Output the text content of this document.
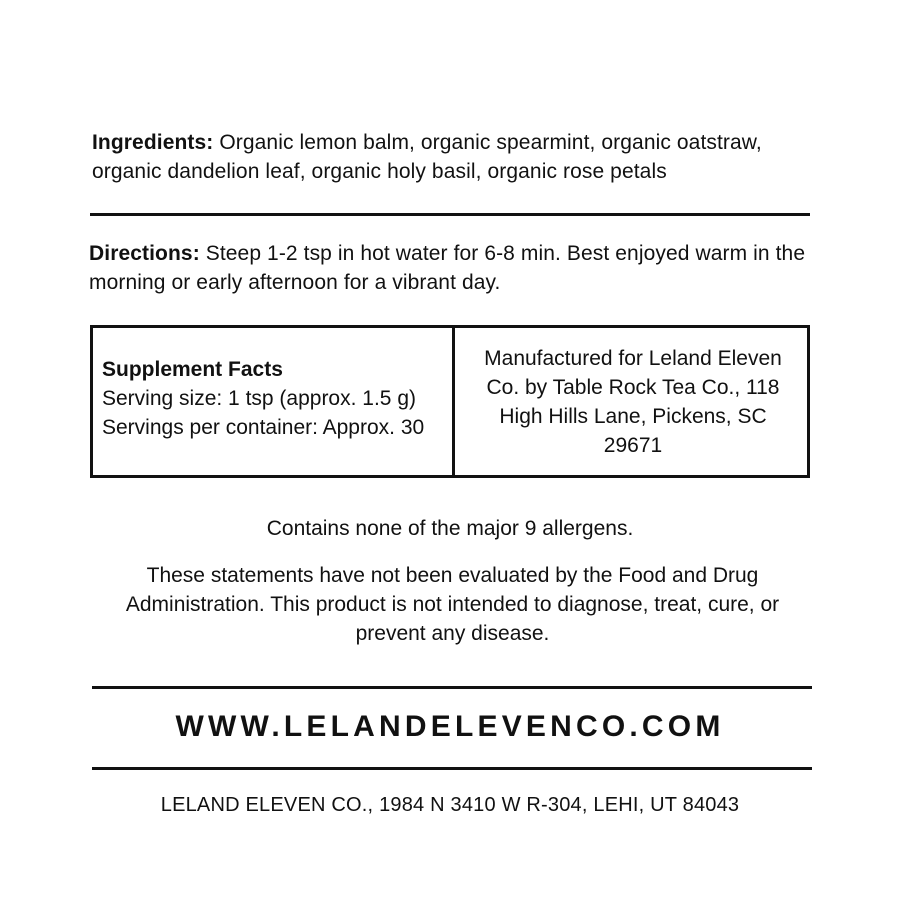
Ingredients: Organic lemon balm, organic spearmint, organic oatstraw, organic dandelion leaf, organic holy basil, organic rose petals
Directions: Steep 1-2 tsp in hot water for 6-8 min. Best enjoyed warm in the morning or early afternoon for a vibrant day.
Supplement Facts
Serving size: 1 tsp (approx. 1.5 g)
Servings per container: Approx. 30
Manufactured for Leland Eleven Co. by Table Rock Tea Co., 118 High Hills Lane, Pickens, SC 29671
Contains none of the major 9 allergens.
These statements have not been evaluated by the Food and Drug Administration. This product is not intended to diagnose, treat, cure, or prevent any disease.
WWW.LELANDELEVENCO.COM
LELAND ELEVEN CO., 1984 N 3410 W R-304, LEHI, UT 84043
